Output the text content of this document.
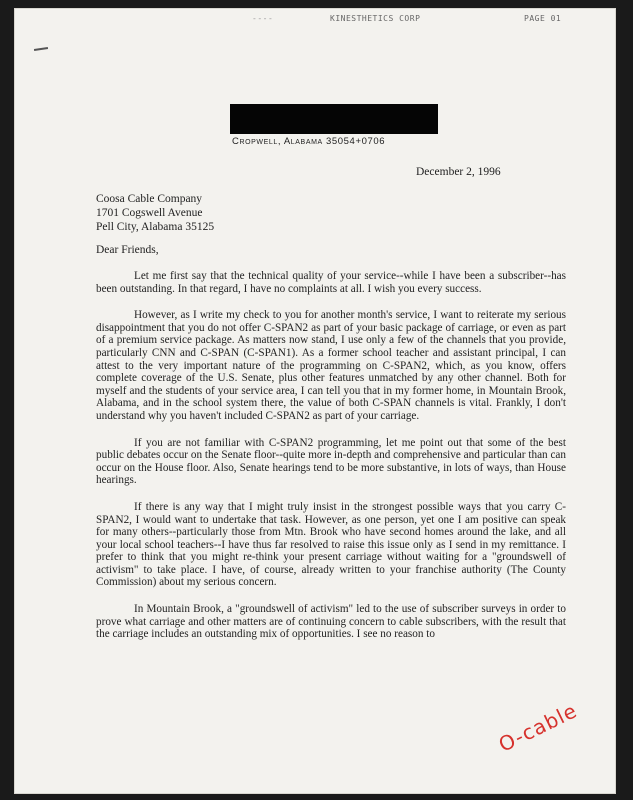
----	KINESTHETICS CORP	PAGE 01
Cropwell, Alabama 35054+0706
December 2, 1996
Coosa Cable Company
1701 Cogswell Avenue
Pell City, Alabama 35125
Dear Friends,

Let me first say that the technical quality of your service--while I have been a subscriber--has been outstanding. In that regard, I have no complaints at all. I wish you every success.

However, as I write my check to you for another month's service, I want to reiterate my serious disappointment that you do not offer C-SPAN2 as part of your basic package of carriage, or even as part of a premium service package. As matters now stand, I use only a few of the channels that you provide, particularly CNN and C-SPAN (C-SPAN1). As a former school teacher and assistant principal, I can attest to the very important nature of the programming on C-SPAN2, which, as you know, offers complete coverage of the U.S. Senate, plus other features unmatched by any other channel. Both for myself and the students of your service area, I can tell you that in my former home, in Mountain Brook, Alabama, and in the school system there, the value of both C-SPAN channels is vital. Frankly, I don't understand why you haven't included C-SPAN2 as part of your carriage.

If you are not familiar with C-SPAN2 programming, let me point out that some of the best public debates occur on the Senate floor--quite more in-depth and comprehensive and particular than can occur on the House floor. Also, Senate hearings tend to be more substantive, in lots of ways, than House hearings.

If there is any way that I might truly insist in the strongest possible ways that you carry C-SPAN2, I would want to undertake that task. However, as one person, yet one I am positive can speak for many others--particularly those from Mtn. Brook who have second homes around the lake, and all your local school teachers--I have thus far resolved to raise this issue only as I send in my remittance. I prefer to think that you might re-think your present carriage without waiting for a "groundswell of activism" to take place. I have, of course, already written to your franchise authority (The County Commission) about my serious concern.

In Mountain Brook, a "groundswell of activism" led to the use of subscriber surveys in order to prove what carriage and other matters are of continuing concern to cable subscribers, with the result that the carriage includes an outstanding mix of opportunities. I see no reason to

O-cable
